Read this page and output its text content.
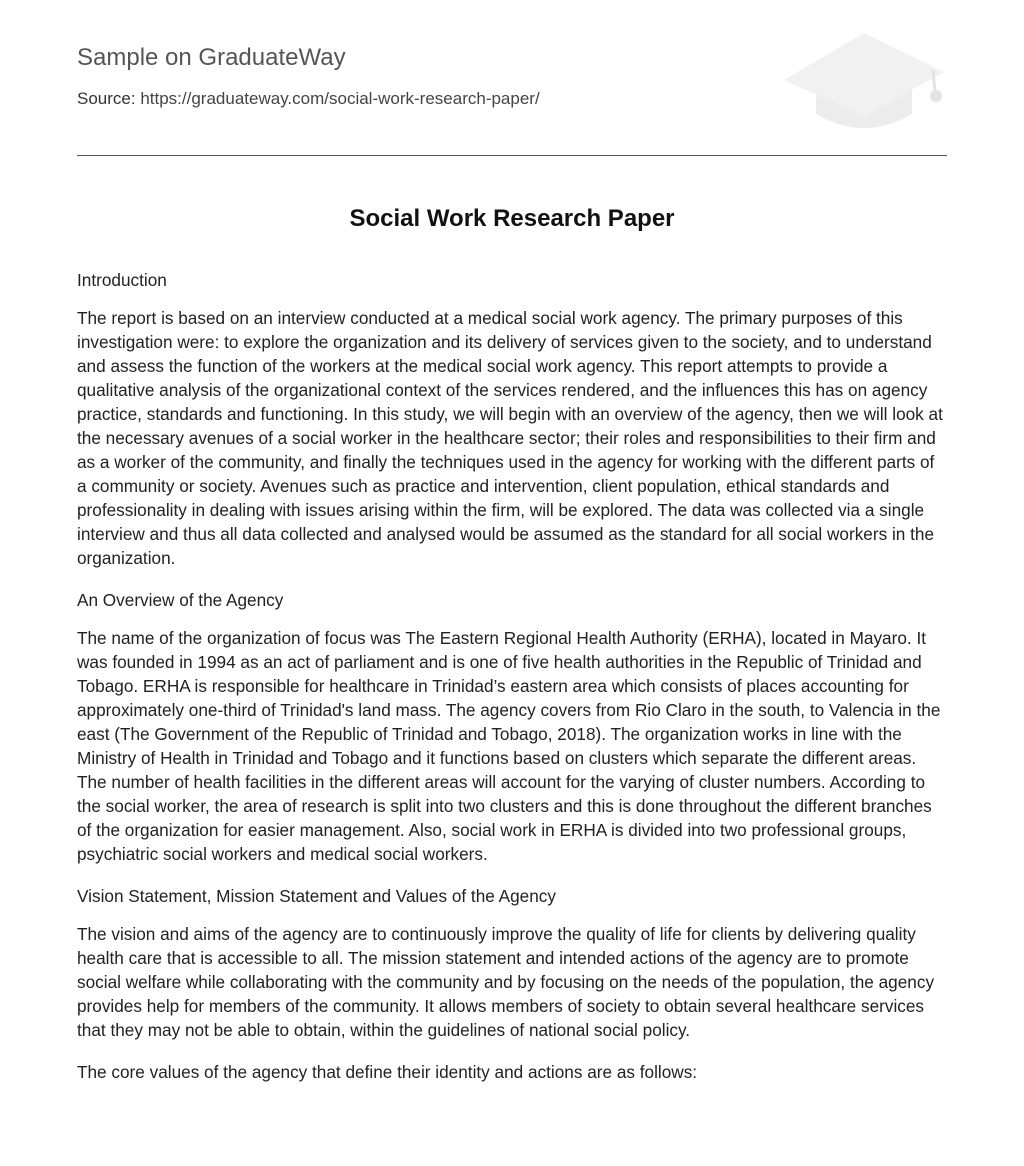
Sample on GraduateWay
Source: https://graduateway.com/social-work-research-paper/
Social Work Research Paper

Introduction

The report is based on an interview conducted at a medical social work agency. The primary purposes of this investigation were: to explore the organization and its delivery of services given to the society, and to understand and assess the function of the workers at the medical social work agency. This report attempts to provide a qualitative analysis of the organizational context of the services rendered, and the influences this has on agency practice, standards and functioning. In this study, we will begin with an overview of the agency, then we will look at the necessary avenues of a social worker in the healthcare sector; their roles and responsibilities to their firm and as a worker of the community, and finally the techniques used in the agency for working with the different parts of a community or society. Avenues such as practice and intervention, client population, ethical standards and professionality in dealing with issues arising within the firm, will be explored. The data was collected via a single interview and thus all data collected and analysed would be assumed as the standard for all social workers in the organization.

An Overview of the Agency

The name of the organization of focus was The Eastern Regional Health Authority (ERHA), located in Mayaro. It was founded in 1994 as an act of parliament and is one of five health authorities in the Republic of Trinidad and Tobago. ERHA is responsible for healthcare in Trinidad’s eastern area which consists of places accounting for approximately one-third of Trinidad's land mass. The agency covers from Rio Claro in the south, to Valencia in the east (The Government of the Republic of Trinidad and Tobago, 2018). The organization works in line with the Ministry of Health in Trinidad and Tobago and it functions based on clusters which separate the different areas. The number of health facilities in the different areas will account for the varying of cluster numbers. According to the social worker, the area of research is split into two clusters and this is done throughout the different branches of the organization for easier management. Also, social work in ERHA is divided into two professional groups, psychiatric social workers and medical social workers.

Vision Statement, Mission Statement and Values of the Agency

The vision and aims of the agency are to continuously improve the quality of life for clients by delivering quality health care that is accessible to all. The mission statement and intended actions of the agency are to promote social welfare while collaborating with the community and by focusing on the needs of the population, the agency provides help for members of the community. It allows members of society to obtain several healthcare services that they may not be able to obtain, within the guidelines of national social policy.

The core values of the agency that define their identity and actions are as follows:
